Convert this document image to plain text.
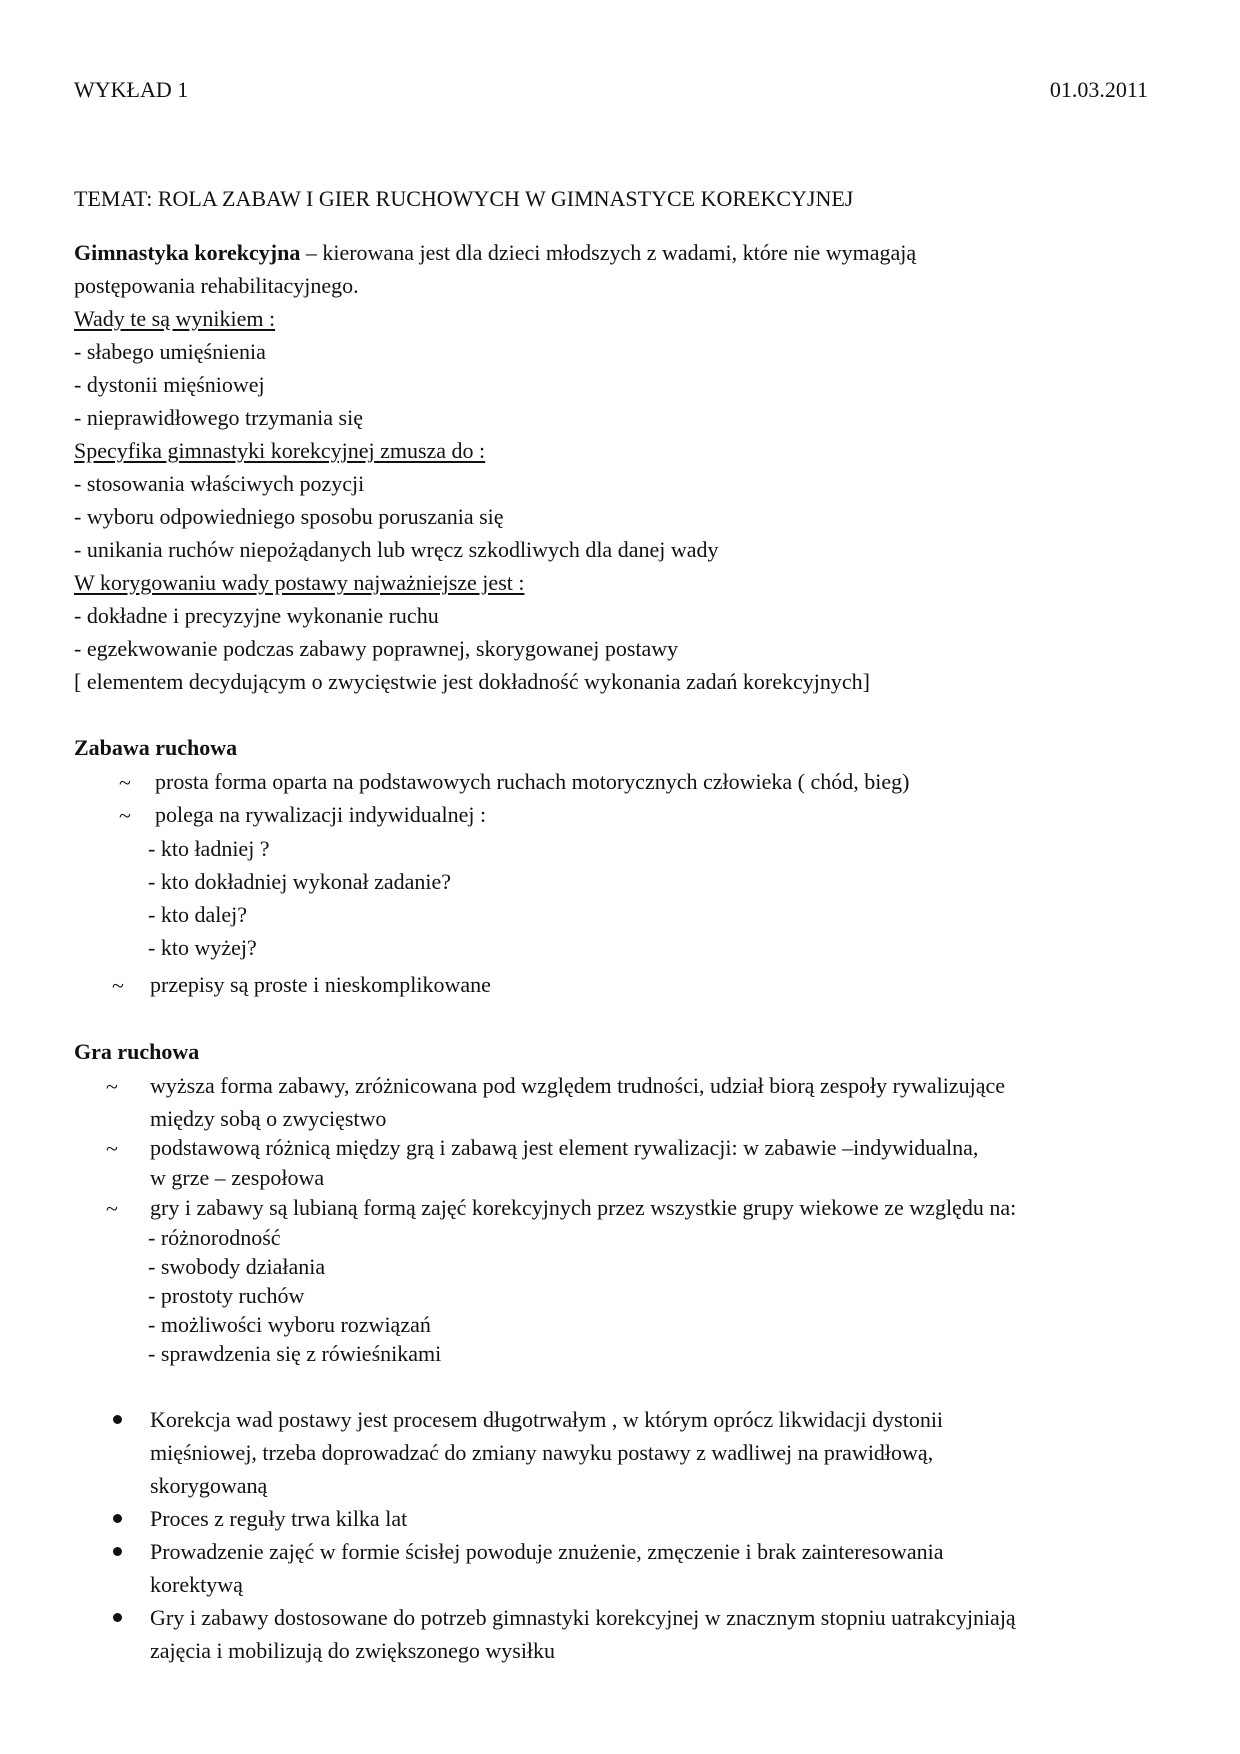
WYKŁAD 1	01.03.2011
TEMAT: ROLA ZABAW I GIER RUCHOWYCH W GIMNASTYCE KOREKCYJNEJ
Gimnastyka korekcyjna – kierowana jest dla dzieci młodszych z wadami, które nie wymagają
postępowania rehabilitacyjnego.
Wady te są wynikiem :
- słabego umięśnienia
- dystonii mięśniowej
- nieprawidłowego trzymania się
Specyfika gimnastyki korekcyjnej zmusza do :
- stosowania właściwych pozycji
- wyboru odpowiedniego sposobu poruszania się
- unikania ruchów niepożądanych lub wręcz szkodliwych dla danej wady
W korygowaniu wady postawy najważniejsze jest :
- dokładne i precyzyjne wykonanie ruchu
- egzekwowanie podczas zabawy poprawnej, skorygowanej postawy
[ elementem decydującym o zwycięstwie jest dokładność wykonania zadań korekcyjnych]
Zabawa ruchowa
~ prosta forma oparta na podstawowych ruchach motorycznych człowieka ( chód, bieg)
~ polega na rywalizacji indywidualnej :
- kto ładniej ?
- kto dokładniej wykonał zadanie?
- kto dalej?
- kto wyżej?
~ przepisy są proste i nieskomplikowane
Gra ruchowa
~ wyższa forma zabawy, zróżnicowana pod względem trudności, udział biorą zespoły rywalizujące
między sobą o zwycięstwo
~ podstawową różnicą między grą i zabawą jest element rywalizacji: w zabawie –indywidualna,
w grze – zespołowa
~ gry i zabawy są lubianą formą zajęć korekcyjnych przez wszystkie grupy wiekowe ze względu na:
- różnorodność
- swobody działania
- prostoty ruchów
- możliwości wyboru rozwiązań
- sprawdzenia się z rówieśnikami
Korekcja wad postawy jest procesem długotrwałym , w którym oprócz likwidacji dystonii
mięśniowej, trzeba doprowadzać do zmiany nawyku postawy z wadliwej na prawidłową,
skorygowaną
Proces z reguły trwa kilka lat
Prowadzenie zajęć w formie ścisłej powoduje znużenie, zmęczenie i brak zainteresowania
korektywą
Gry i zabawy dostosowane do potrzeb gimnastyki korekcyjnej w znacznym stopniu uatrakcyjniają
zajęcia i mobilizują do zwiększonego wysiłku
